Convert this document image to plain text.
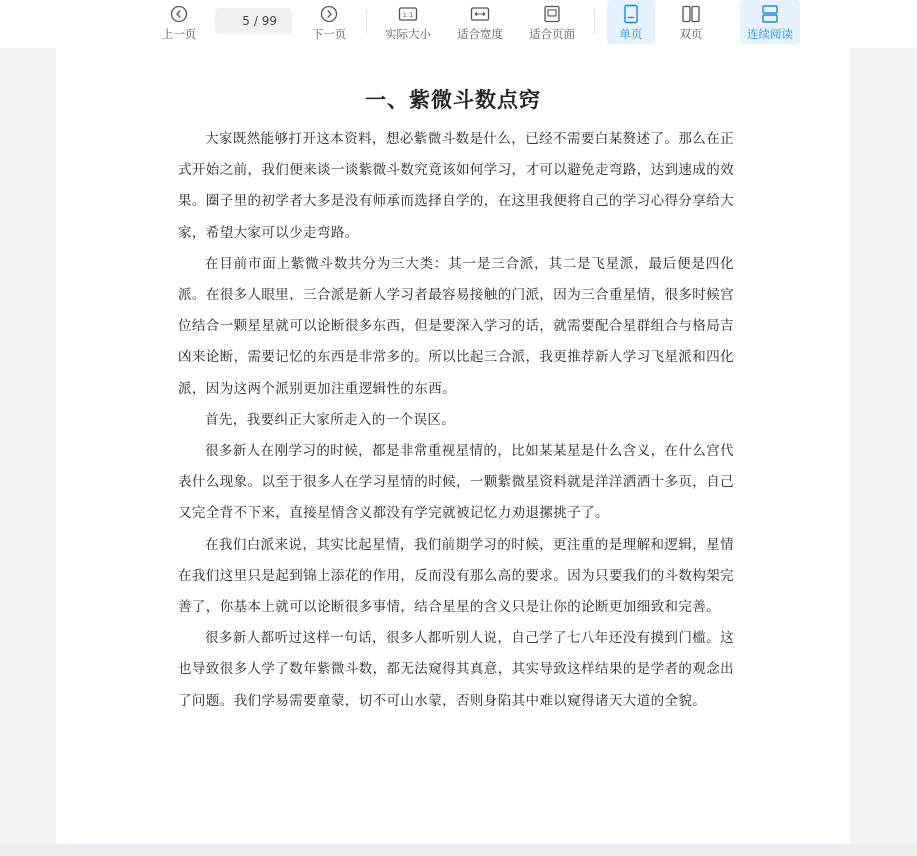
上一页
5
/ 99
下一页
1:1
实际大小 适合宽度 适合页面	单页	双页	连续阅读
一、紫微斗数点窍

大家既然能够打开这本资料，想必紫微斗数是什么，已经不需要白某赘述了。那么在正式开始之前，我们便来谈一谈紫微斗数究竟该如何学习，才可以避免走弯路，达到速成的效果。圈子里的初学者大多是没有师承而选择自学的，在这里我便将自己的学习心得分享给大家，希望大家可以少走弯路。

在目前市面上紫微斗数共分为三大类：其一是三合派，其二是飞星派，最后便是四化派。在很多人眼里，三合派是新人学习者最容易接触的门派，因为三合重星情，很多时候宫位结合一颗星星就可以论断很多东西，但是要深入学习的话，就需要配合星群组合与格局吉凶来论断，需要记忆的东西是非常多的。所以比起三合派，我更推荐新人学习飞星派和四化派，因为这两个派别更加注重逻辑性的东西。

首先，我要纠正大家所走入的一个误区。

很多新人在刚学习的时候，都是非常重视星情的，比如某某星是什么含义，在什么宫代表什么现象。以至于很多人在学习星情的时候，一颗紫微星资料就是洋洋洒洒十多页，自己又完全背不下来，直接星情含义都没有学完就被记忆力劝退摞挑子了。

在我们白派来说，其实比起星情，我们前期学习的时候，更注重的是理解和逻辑，星情在我们这里只是起到锦上添花的作用，反而没有那么高的要求。因为只要我们的斗数构架完善了，你基本上就可以论断很多事情，结合星星的含义只是让你的论断更加细致和完善。

很多新人都听过这样一句话，很多人都听别人说，自己学了七八年还没有摸到门槛。这也导致很多人学了数年紫微斗数，都无法窥得其真意，其实导致这样结果的是学者的观念出了问题。我们学易需要童蒙，切不可山水蒙，否则身陷其中难以窥得诸天大道的全貌。
